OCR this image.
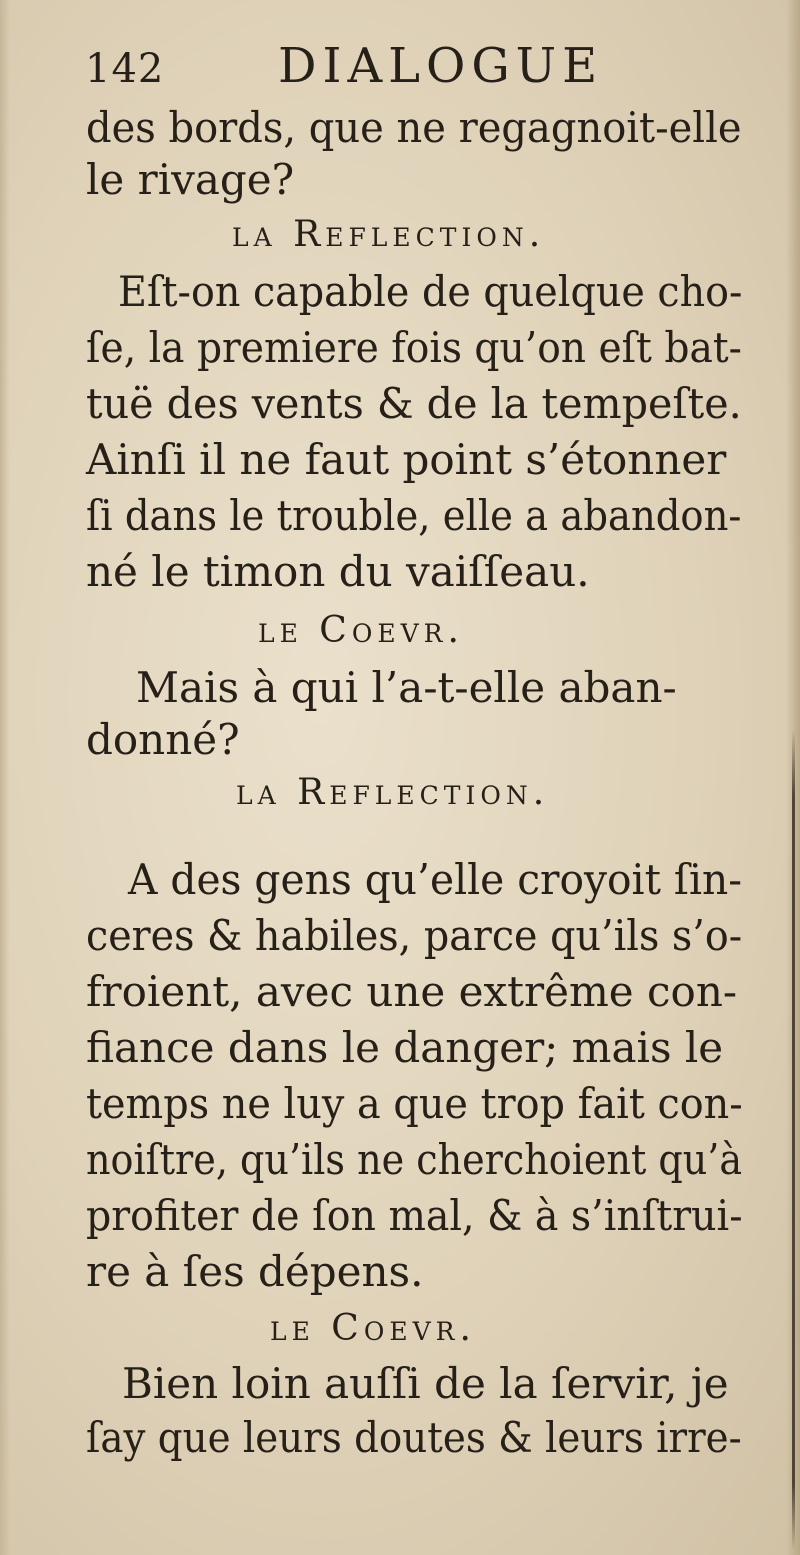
142 DIALOGUE
des bords, que ne regagnoit-elle
le rivage?
la Reflection.
Eſt-on capable de quelque cho-
ſe, la premiere fois qu’on eſt bat-
tuë des vents & de la tempeſte.
Ainſi il ne faut point s’étonner
ſi dans le trouble, elle a abandon-
né le timon du vaiſſeau.
le Coevr.
Mais à qui l’a-t-elle aban-
donné?
la Reflection.
A des gens qu’elle croyoit ſin-
ceres & habiles, parce qu’ils s’o-
froient, avec une extrême con-
fiance dans le danger; mais le
temps ne luy a que trop fait con-
noiſtre, qu’ils ne cherchoient qu’à
profiter de ſon mal, & à s’inſtrui-
re à ſes dépens.
le Coevr.
Bien loin auſſi de la ſervir, je
ſay que leurs doutes & leurs irre-
